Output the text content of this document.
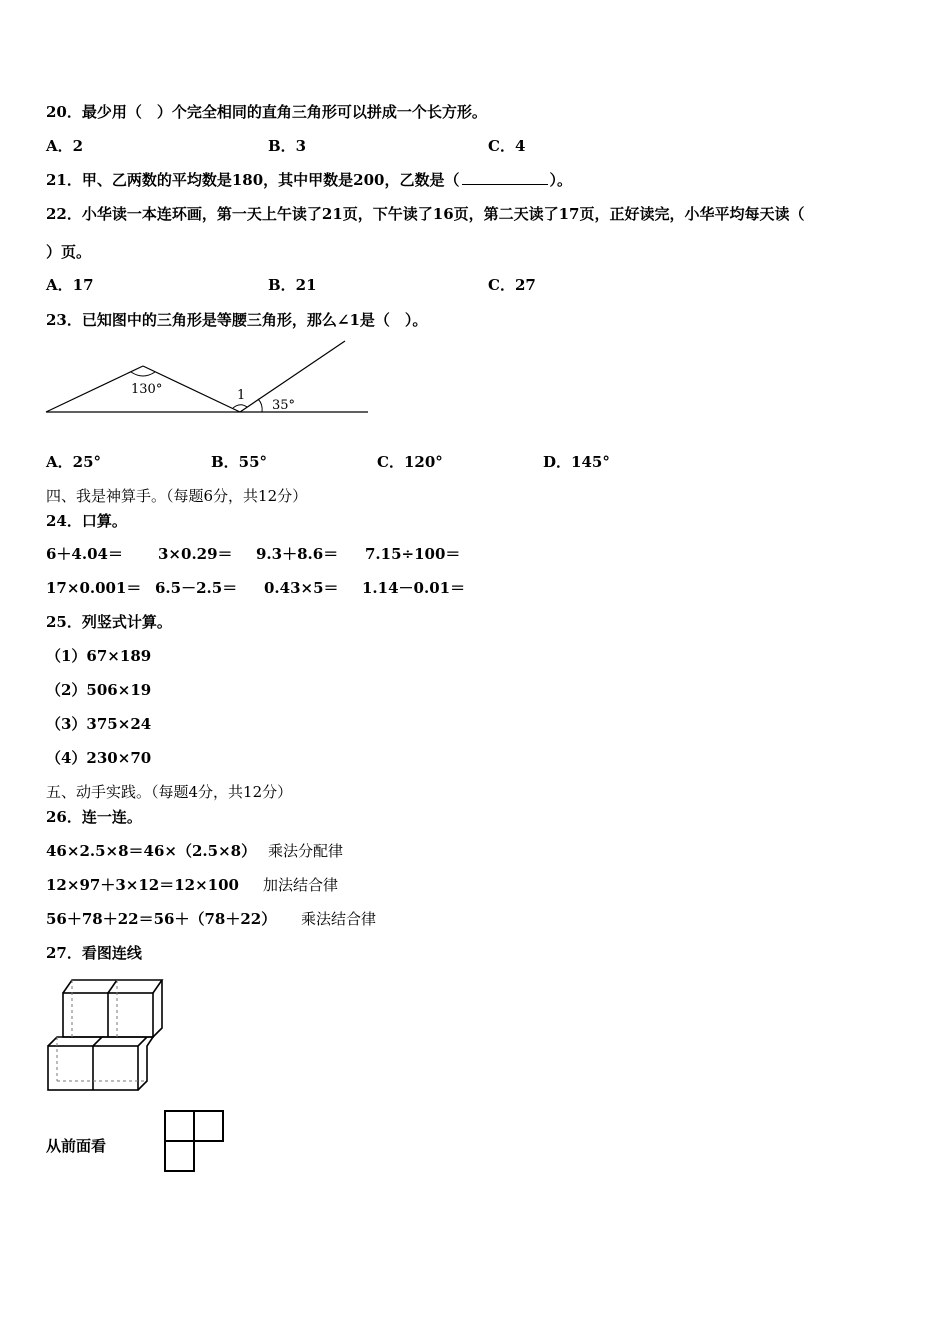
20．最少用（　）个完全相同的直角三角形可以拼成一个长方形。
A．2	B．3	C．4
21．甲、乙两数的平均数是180，其中甲数是200，乙数是（	）。
22．小华读一本连环画，第一天上午读了21页，下午读了16页，第二天读了17页，正好读完，小华平均每天读（
）页。
A．17	B．21	C．27
23．已知图中的三角形是等腰三角形，那么∠1是（　）。
130°	1
35°
A．25°	B．55°	C．120°	D．145°
四、我是神算手。（每题6分，共12分）
24．口算。
6＋4.04＝ 3×0.29＝ 9.3＋8.6＝ 7.15÷100＝
17×0.001＝ 6.5－2.5＝ 0.43×5＝ 1.14－0.01＝
25．列竖式计算。
（1）67×189
（2）506×19
（3）375×24
（4）230×70
五、动手实践。（每题4分，共12分）
26．连一连。
46×2.5×8＝46×（2.5×8） 乘法分配律
12×97＋3×12＝12×100 加法结合律
56＋78＋22＝56＋（78＋22） 乘法结合律
27．看图连线
从前面看
